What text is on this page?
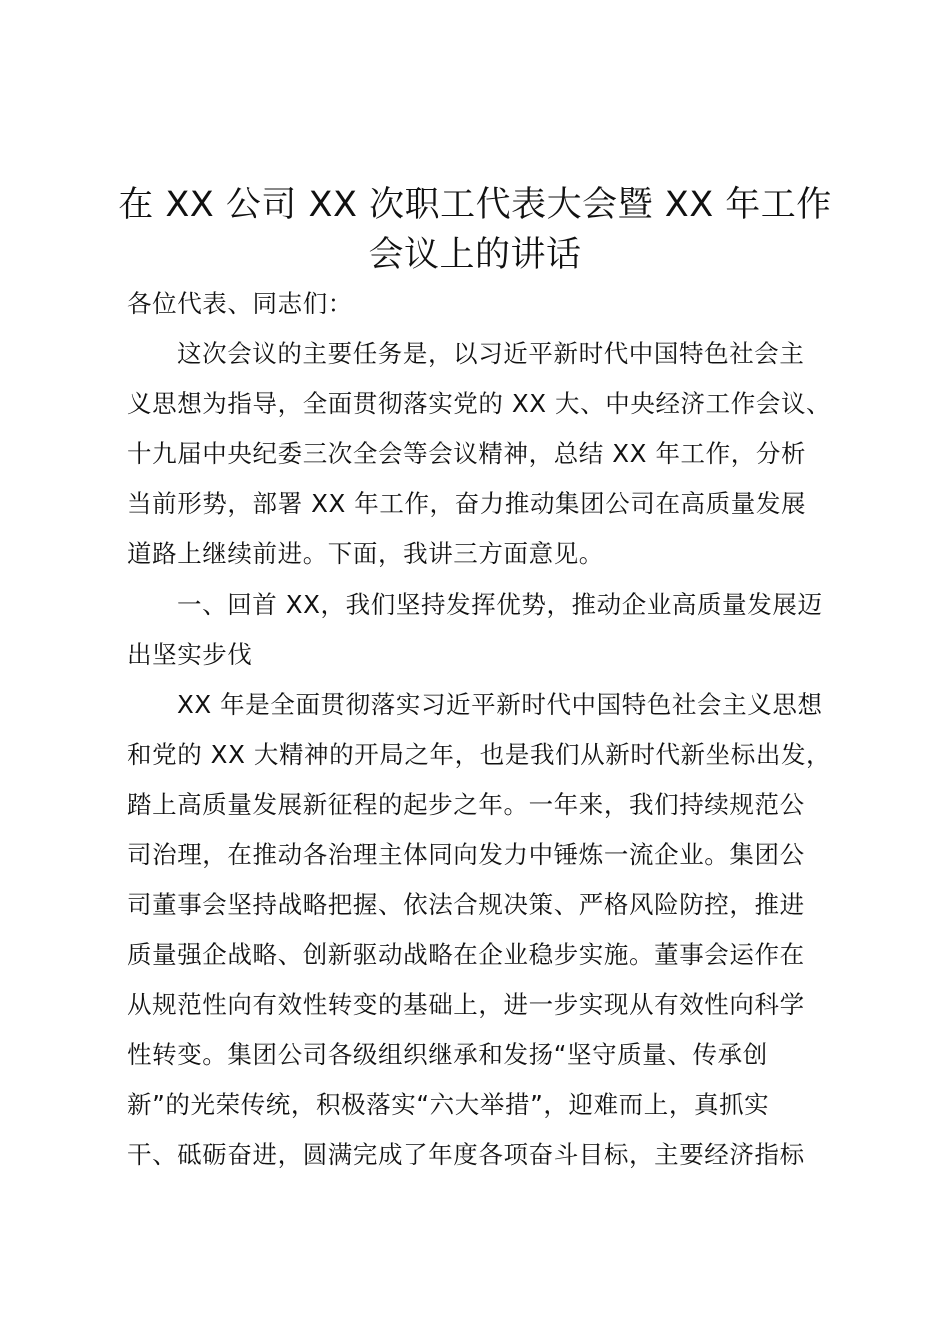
在 XX 公司 XX 次职工代表大会暨 XX 年工作
会议上的讲话
各位代表、同志们：
这次会议的主要任务是，以习近平新时代中国特色社会主
义思想为指导，全面贯彻落实党的 XX 大、中央经济工作会议、
十九届中央纪委三次全会等会议精神，总结 XX 年工作，分析
当前形势，部署 XX 年工作，奋力推动集团公司在高质量发展
道路上继续前进。下面，我讲三方面意见。
一、回首 XX，我们坚持发挥优势，推动企业高质量发展迈
出坚实步伐
XX 年是全面贯彻落实习近平新时代中国特色社会主义思想
和党的 XX 大精神的开局之年，也是我们从新时代新坐标出发，
踏上高质量发展新征程的起步之年。一年来，我们持续规范公
司治理，在推动各治理主体同向发力中锤炼一流企业。集团公
司董事会坚持战略把握、依法合规决策、严格风险防控，推进
质量强企战略、创新驱动战略在企业稳步实施。董事会运作在
从规范性向有效性转变的基础上，进一步实现从有效性向科学
性转变。集团公司各级组织继承和发扬“坚守质量、传承创
新”的光荣传统，积极落实“六大举措”，迎难而上，真抓实
干、砥砺奋进，圆满完成了年度各项奋斗目标，主要经济指标
